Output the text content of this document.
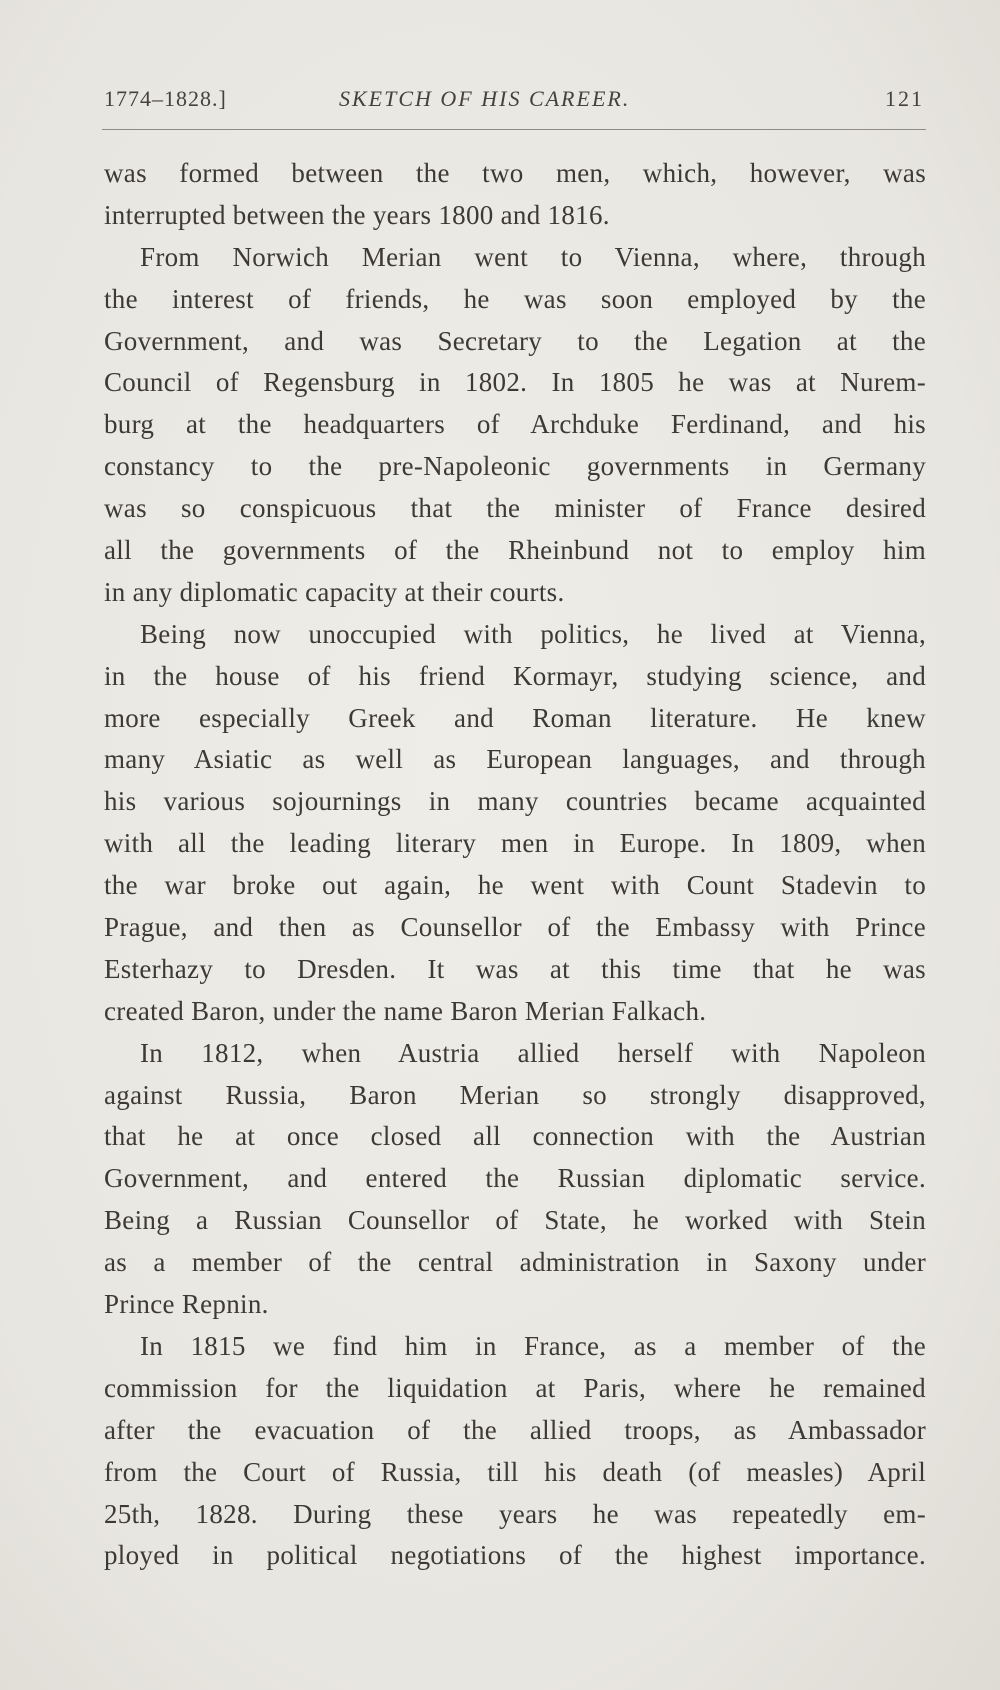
1774–1828.]	SKETCH OF HIS CAREER.	121
was formed between the two men, which, however, was
interrupted between the years 1800 and 1816.
From Norwich Merian went to Vienna, where, through
the interest of friends, he was soon employed by the
Government, and was Secretary to the Legation at the
Council of Regensburg in 1802. In 1805 he was at Nurem-
burg at the headquarters of Archduke Ferdinand, and his
constancy to the pre-Napoleonic governments in Germany
was so conspicuous that the minister of France desired
all the governments of the Rheinbund not to employ him
in any diplomatic capacity at their courts.
Being now unoccupied with politics, he lived at Vienna,
in the house of his friend Kormayr, studying science, and
more especially Greek and Roman literature. He knew
many Asiatic as well as European languages, and through
his various sojournings in many countries became acquainted
with all the leading literary men in Europe. In 1809, when
the war broke out again, he went with Count Stadevin to
Prague, and then as Counsellor of the Embassy with Prince
Esterhazy to Dresden. It was at this time that he was
created Baron, under the name Baron Merian Falkach.
In 1812, when Austria allied herself with Napoleon
against Russia, Baron Merian so strongly disapproved,
that he at once closed all connection with the Austrian
Government, and entered the Russian diplomatic service.
Being a Russian Counsellor of State, he worked with Stein
as a member of the central administration in Saxony under
Prince Repnin.
In 1815 we find him in France, as a member of the
commission for the liquidation at Paris, where he remained
after the evacuation of the allied troops, as Ambassador
from the Court of Russia, till his death (of measles) April
25th, 1828. During these years he was repeatedly em-
ployed in political negotiations of the highest importance.
